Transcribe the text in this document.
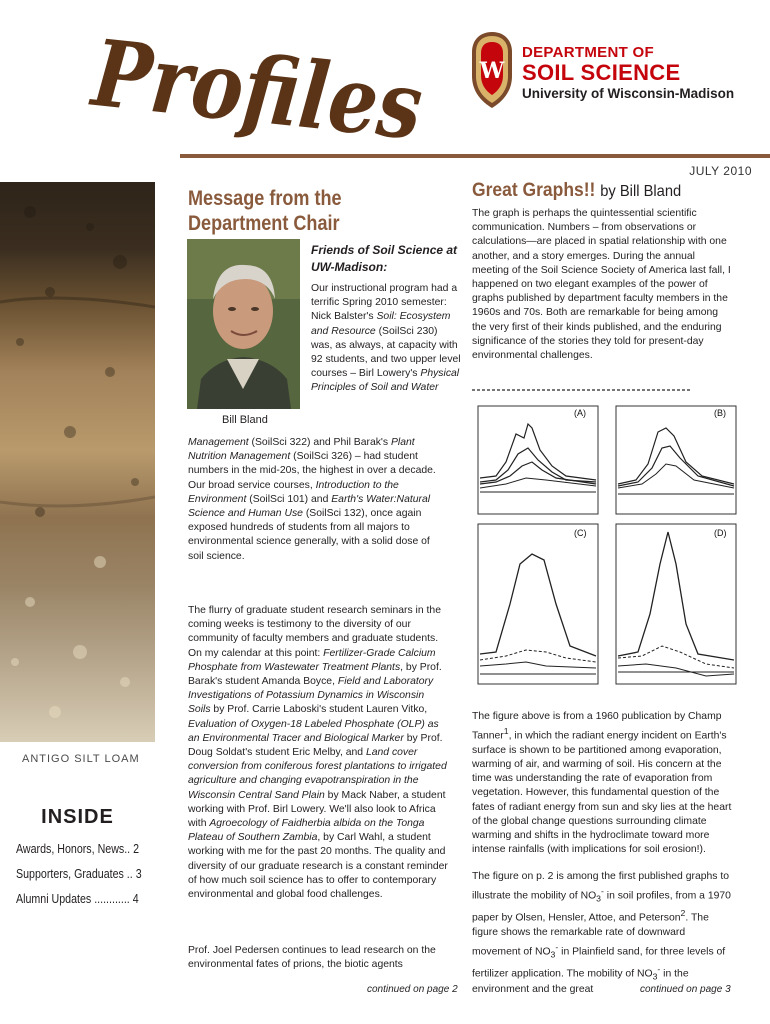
Profiles
W
DEPARTMENT OF
SOIL SCIENCE
University of Wisconsin-Madison
JULY 2010
ANTIGO SILT LOAM
INSIDE
Awards, Honors, News.. 2
Supporters, Graduates .. 3
Alumni Updates ............ 4
Message from the Department Chair
Bill Bland
Friends of Soil Science at UW-Madison:
Our instructional program had a terrific Spring 2010 semester: Nick Balster's Soil: Ecosystem and Resource (SoilSci 230) was, as always, at capacity with 92 students, and two upper level courses – Birl Lowery's Physical Principles of Soil and Water
Management (SoilSci 322) and Phil Barak's Plant Nutrition Management (SoilSci 326) – had student numbers in the mid-20s, the highest in over a decade. Our broad service courses, Introduction to the Environment (SoilSci 101) and Earth's Water:Natural Science and Human Use (SoilSci 132), once again exposed hundreds of students from all majors to environmental science generally, with a solid dose of soil science.
The flurry of graduate student research seminars in the coming weeks is testimony to the diversity of our community of faculty members and graduate students. On my calendar at this point: Fertilizer-Grade Calcium Phosphate from Wastewater Treatment Plants, by Prof. Barak's student Amanda Boyce, Field and Laboratory Investigations of Potassium Dynamics in Wisconsin Soils by Prof. Carrie Laboski's student Lauren Vitko, Evaluation of Oxygen-18 Labeled Phosphate (OLP) as an Environmental Tracer and Biological Marker by Prof. Doug Soldat's student Eric Melby, and Land cover conversion from coniferous forest plantations to irrigated agriculture and changing evapotranspiration in the Wisconsin Central Sand Plain by Mack Naber, a student working with Prof. Birl Lowery. We'll also look to Africa with Agroecology of Faidherbia albida on the Tonga Plateau of Southern Zambia, by Carl Wahl, a student working with me for the past 20 months. The quality and diversity of our graduate research is a constant reminder of how much soil science has to offer to contemporary environmental and global food challenges.
Prof. Joel Pedersen continues to lead research on the environmental fates of prions, the biotic agents
continued on page 2
Great Graphs!! by Bill Bland
The graph is perhaps the quintessential scientific communication. Numbers – from observations or calculations—are placed in spatial relationship with one another, and a story emerges. During the annual meeting of the Soil Science Society of America last fall, I happened on two elegant examples of the power of graphs published by department faculty members in the 1960s and 70s. Both are remarkable for being among the very first of their kinds published, and the enduring significance of the stories they told for present-day environmental challenges.
(A)	(B)
(C)	(D)
The figure above is from a 1960 publication by Champ Tanner$^1$, in which the radiant energy incident on Earth's surface is shown to be partitioned among evaporation, warming of air, and warming of soil. His concern at the time was understanding the rate of evaporation from vegetation. However, this fundamental question of the fates of radiant energy from sun and sky lies at the heart of the global change questions surrounding climate warming and shifts in the hydroclimate toward more intense rainfalls (with implications for soil erosion!).
The figure on p. 2 is among the first published graphs to illustrate the mobility of $NO_3^-$ in soil profiles, from a 1970 paper by Olsen, Hensler, Attoe, and Peterson$^2$. The figure shows the remarkable rate of downward movement of $NO_3^-$ in Plainfield sand, for three levels of fertilizer application. The mobility of $NO_3^-$ in the environment and the great	continued on page 3
